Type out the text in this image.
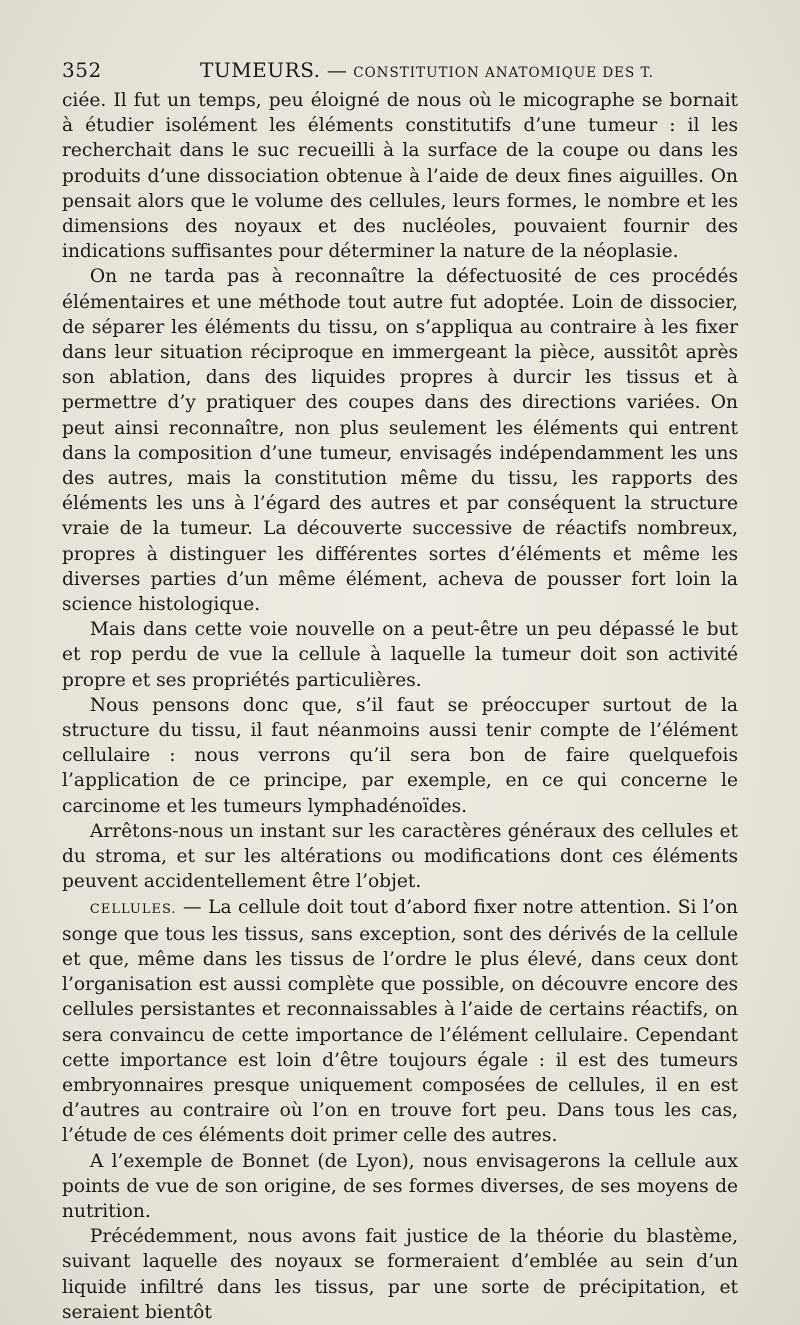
352	TUMEURS. — CONSTITUTION ANATOMIQUE DES T.

ciée. Il fut un temps, peu éloigné de nous où le micographe se bornait à étudier isolément les éléments constitutifs d’une tumeur : il les recherchait dans le suc recueilli à la surface de la coupe ou dans les produits d’une dissociation obtenue à l’aide de deux fines aiguilles. On pensait alors que le volume des cellules, leurs formes, le nombre et les dimensions des noyaux et des nucléoles, pouvaient fournir des indications suffisantes pour déterminer la nature de la néoplasie.

On ne tarda pas à reconnaître la défectuosité de ces procédés élémentaires et une méthode tout autre fut adoptée. Loin de dissocier, de séparer les éléments du tissu, on s’appliqua au contraire à les fixer dans leur situation réciproque en immergeant la pièce, aussitôt après son ablation, dans des liquides propres à durcir les tissus et à permettre d’y pratiquer des coupes dans des directions variées. On peut ainsi reconnaître, non plus seulement les éléments qui entrent dans la composition d’une tumeur, envisagés indépendamment les uns des autres, mais la constitution même du tissu, les rapports des éléments les uns à l’égard des autres et par conséquent la structure vraie de la tumeur. La découverte successive de réactifs nombreux, propres à distinguer les différentes sortes d’éléments et même les diverses parties d’un même élément, acheva de pousser fort loin la science histologique.

Mais dans cette voie nouvelle on a peut-être un peu dépassé le but et rop perdu de vue la cellule à laquelle la tumeur doit son activité propre et ses propriétés particulières.

Nous pensons donc que, s’il faut se préoccuper surtout de la structure du tissu, il faut néanmoins aussi tenir compte de l’élément cellulaire : nous verrons qu’il sera bon de faire quelquefois l’application de ce principe, par exemple, en ce qui concerne le carcinome et les tumeurs lymphadénoïdes.

Arrêtons-nous un instant sur les caractères généraux des cellules et du stroma, et sur les altérations ou modifications dont ces éléments peuvent accidentellement être l’objet.

CELLULES. — La cellule doit tout d’abord fixer notre attention. Si l’on songe que tous les tissus, sans exception, sont des dérivés de la cellule et que, même dans les tissus de l’ordre le plus élevé, dans ceux dont l’organisation est aussi complète que possible, on découvre encore des cellules persistantes et reconnaissables à l’aide de certains réactifs, on sera convaincu de cette importance de l’élément cellulaire. Cependant cette importance est loin d’être toujours égale : il est des tumeurs embryonnaires presque uniquement composées de cellules, il en est d’autres au contraire où l’on en trouve fort peu. Dans tous les cas, l’étude de ces éléments doit primer celle des autres.

A l’exemple de Bonnet (de Lyon), nous envisagerons la cellule aux points de vue de son origine, de ses formes diverses, de ses moyens de nutrition.

Précédemment, nous avons fait justice de la théorie du blastème, suivant laquelle des noyaux se formeraient d’emblée au sein d’un liquide infiltré dans les tissus, par une sorte de précipitation, et seraient bientôt
